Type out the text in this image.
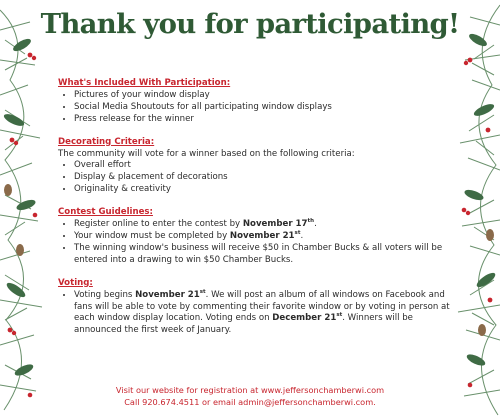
Thank you for participating!

What's Included With Participation:

• Pictures of your window display
• Social Media Shoutouts for all participating window displays
• Press release for the winner

Decorating Criteria:

The community will vote for a winner based on the following criteria:

• Overall effort
• Display & placement of decorations
• Originality & creativity

Contest Guidelines:

• Register online to enter the contest by November 17th.
• Your window must be completed by November 21st.
• The winning window's business will receive $50 in Chamber Bucks & all voters will be entered into a drawing to win $50 Chamber Bucks.

Voting:

• Voting begins November 21st. We will post an album of all windows on Facebook and fans will be able to vote by commenting their favorite window or by voting in person at each window display location. Voting ends on December 21st. Winners will be announced the first week of January.

Visit our website for registration at www.jeffersonchamberwi.com

Call 920.674.4511 or email admin@jeffersonchamberwi.com.
